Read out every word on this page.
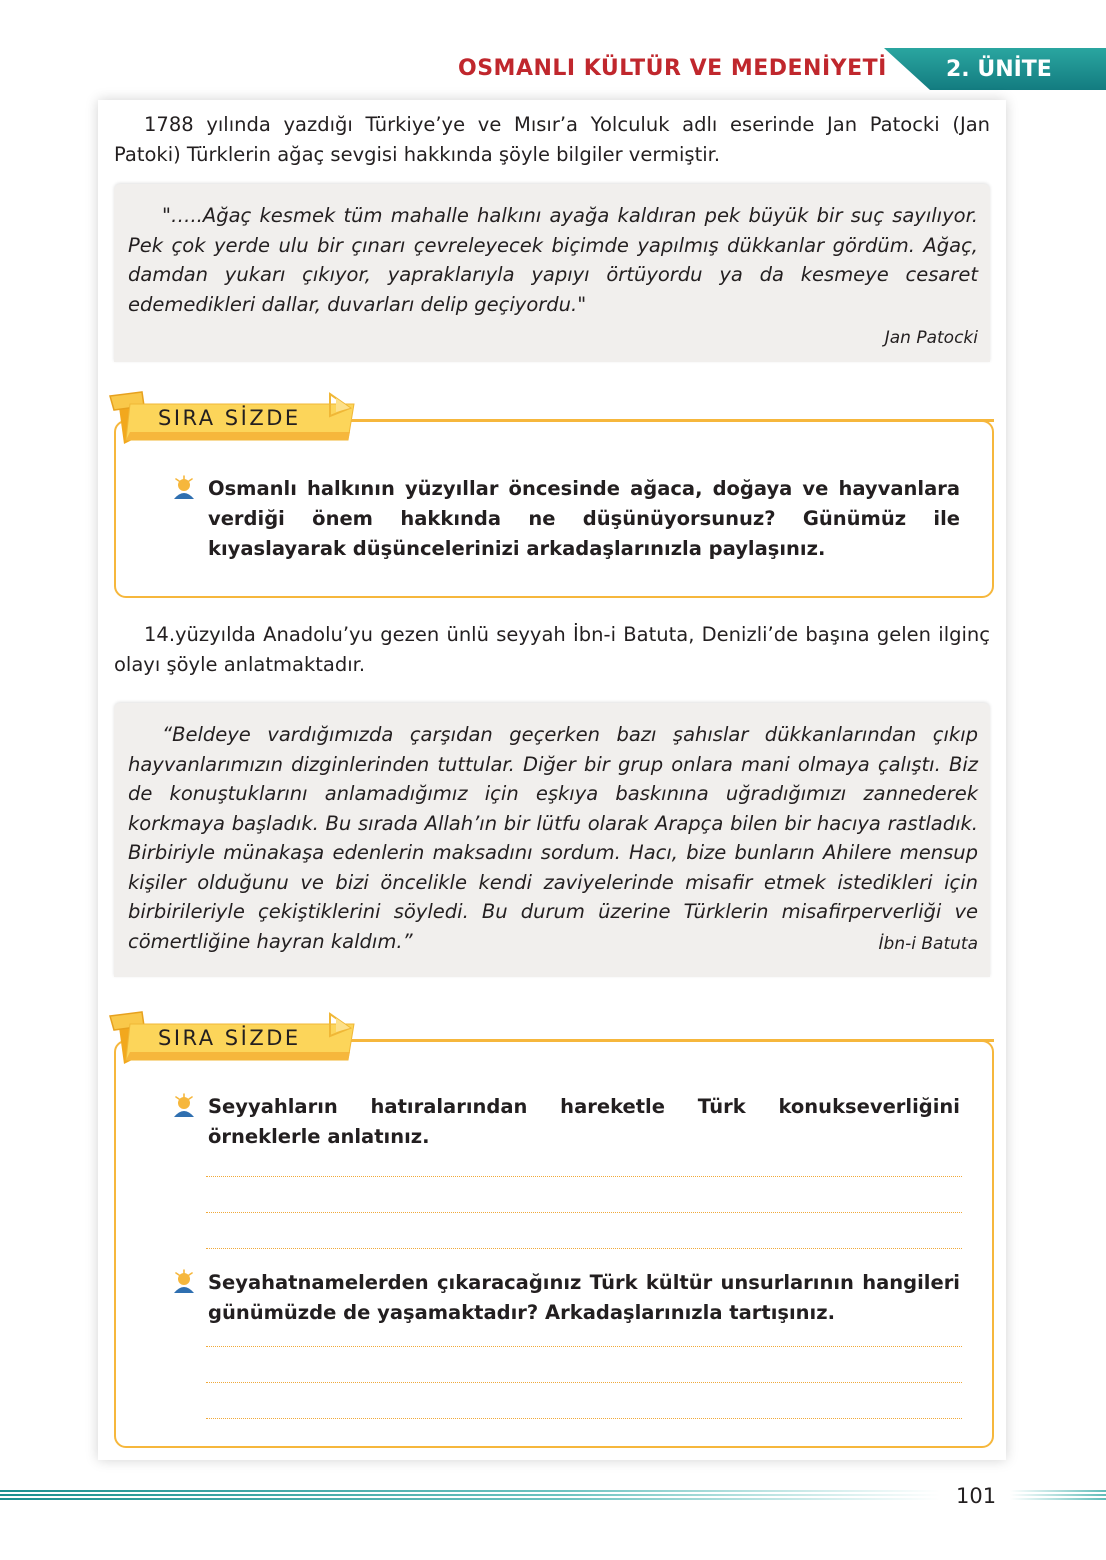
OSMANLI KÜLTÜR VE MEDENİYETİ	2. ÜNİTE

1788 yılında yazdığı Türkiye’ye ve Mısır’a Yolculuk adlı eserinde Jan Patocki (Jan Patoki) Türklerin ağaç sevgisi hakkında şöyle bilgiler vermiştir.

"…..Ağaç kesmek tüm mahalle halkını ayağa kaldıran pek büyük bir suç sayılıyor. Pek çok yerde ulu bir çınarı çevreleyecek biçimde yapılmış dükkanlar gördüm. Ağaç, damdan yukarı çıkıyor, yapraklarıyla yapıyı örtüyordu ya da kesmeye cesaret edemedikleri dallar, duvarları delip geçiyordu."

Jan Patocki

Osmanlı halkının yüzyıllar öncesinde ağaca, doğaya ve hayvanlara verdiği önem hakkında ne düşünüyorsunuz? Günümüz ile kıyaslayarak düşüncelerinizi arkadaşlarınızla paylaşınız.

SIRA SİZDE

14.yüzyılda Anadolu’yu gezen ünlü seyyah İbn-i Batuta, Denizli’de başına gelen ilginç olayı şöyle anlatmaktadır.

“Beldeye vardığımızda çarşıdan geçerken bazı şahıslar dükkanlarından çıkıp hayvanlarımızın dizginlerinden tuttular. Diğer bir grup onlara mani olmaya çalıştı. Biz de konuştuklarını anlamadığımız için eşkıya baskınına uğradığımızı zannederek korkmaya başladık. Bu sırada Allah’ın bir lütfu olarak Arapça bilen bir hacıya rastladık. Birbiriyle münakaşa edenlerin maksadını sordum. Hacı, bize bunların Ahilere mensup kişiler olduğunu ve bizi öncelikle kendi zaviyelerinde misafir etmek istedikleri için birbirileriyle çekiştiklerini söyledi. Bu durum üzerine Türklerin misafirperverliği ve cömertliğine hayran kaldım.”	İbn-i Batuta
SIRA SİZDE

Seyyahların hatıralarından hareketle Türk konukseverliğini örneklerle anlatınız.

Seyahatnamelerden çıkaracağınız Türk kültür unsurlarının hangileri günümüzde de yaşamaktadır? Arkadaşlarınızla tartışınız.

101
